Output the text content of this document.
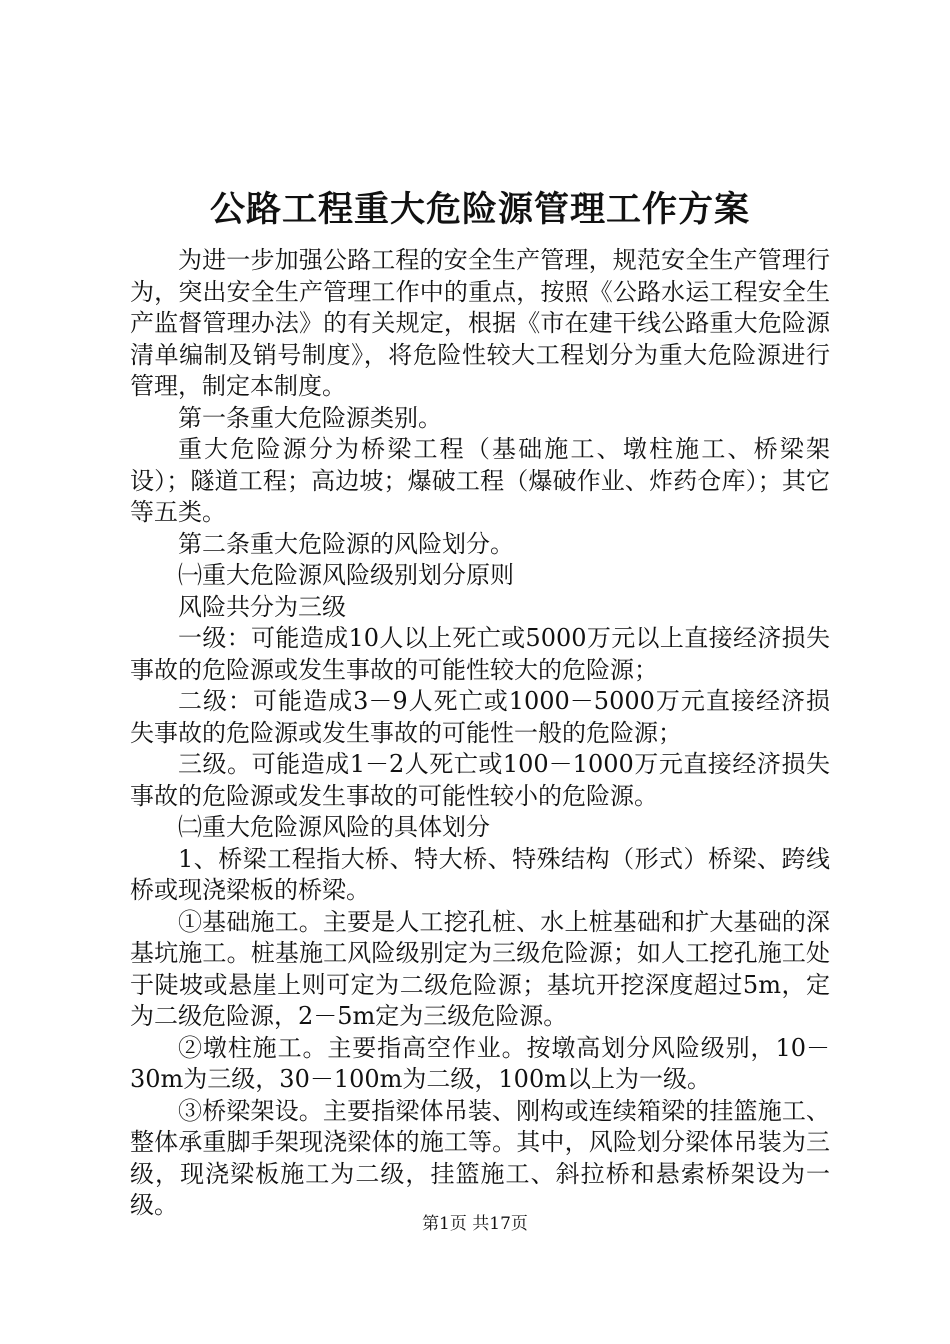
公路工程重大危险源管理工作方案

为进一步加强公路工程的安全生产管理，规范安全生产管理行为，突出安全生产管理工作中的重点，按照《公路水运工程安全生产监督管理办法》的有关规定，根据《市在建干线公路重大危险源清单编制及销号制度》，将危险性较大工程划分为重大危险源进行管理，制定本制度。

第一条重大危险源类别。

重大危险源分为桥梁工程（基础施工、墩柱施工、桥梁架设）；隧道工程；高边坡；爆破工程（爆破作业、炸药仓库）；其它等五类。

第二条重大危险源的风险划分。

㈠重大危险源风险级别划分原则

风险共分为三级

一级：可能造成10人以上死亡或5000万元以上直接经济损失事故的危险源或发生事故的可能性较大的危险源；

二级：可能造成3－9人死亡或1000－5000万元直接经济损失事故的危险源或发生事故的可能性一般的危险源；

三级。可能造成1－2人死亡或100－1000万元直接经济损失事故的危险源或发生事故的可能性较小的危险源。

㈡重大危险源风险的具体划分

1、桥梁工程指大桥、特大桥、特殊结构（形式）桥梁、跨线桥或现浇梁板的桥梁。

①基础施工。主要是人工挖孔桩、水上桩基础和扩大基础的深基坑施工。桩基施工风险级别定为三级危险源；如人工挖孔施工处于陡坡或悬崖上则可定为二级危险源；基坑开挖深度超过5m，定为二级危险源，2－5m定为三级危险源。

②墩柱施工。主要指高空作业。按墩高划分风险级别，10－30m为三级，30－100m为二级，100m以上为一级。

③桥梁架设。主要指梁体吊装、刚构或连续箱梁的挂篮施工、整体承重脚手架现浇梁体的施工等。其中，风险划分梁体吊装为三级，现浇梁板施工为二级，挂篮施工、斜拉桥和悬索桥架设为一级。

第1页 共17页
